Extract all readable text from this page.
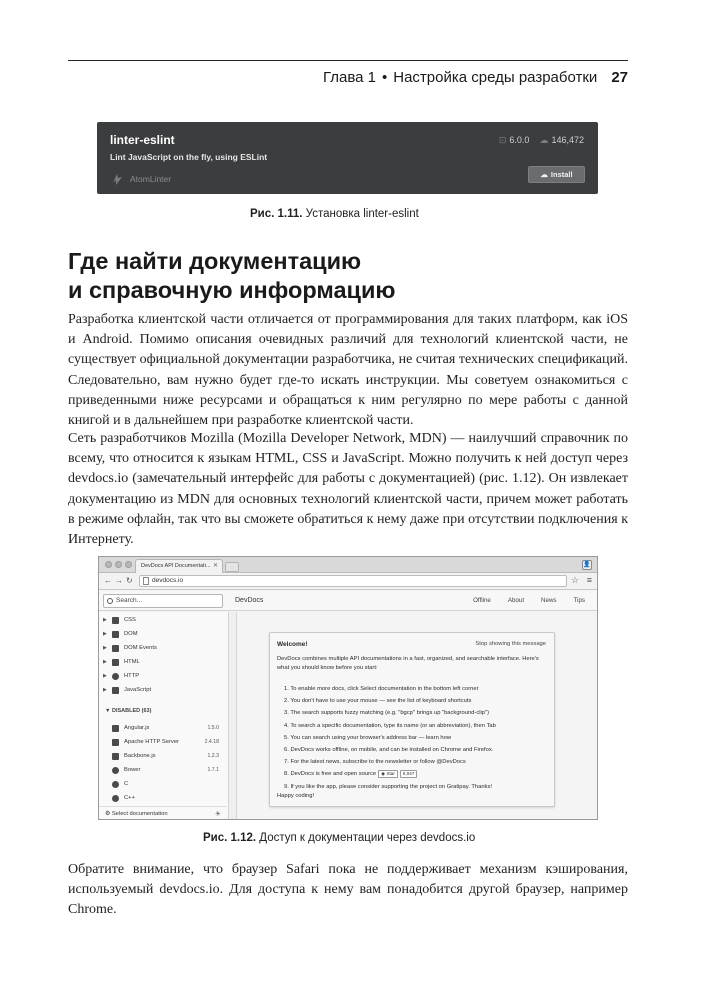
Глава 1 • Настройка среды разработки 27
linter-eslint
Lint JavaScript on the fly, using ESLint
AtomLinter
⊡ 6.0.0 ☁ 146,472
☁ Install
Рис. 1.11. Установка linter-eslint
Где найти документацию
и справочную информацию

Разработка клиентской части отличается от программирования для таких платформ, как iOS и Android. Помимо описания очевидных различий для технологий клиентской части, не существует официальной документации разработчика, не считая технических спецификаций. Следовательно, вам нужно будет где-то искать инструкции. Мы советуем ознакомиться с приведенными ниже ресурсами и обращаться к ним регулярно по мере работы с данной книгой и в дальнейшем при разработке клиентской части.

Сеть разработчиков Mozilla (Mozilla Developer Network, MDN) — наилучший справочник по всему, что относится к языкам HTML, CSS и JavaScript. Можно получить к ней доступ через devdocs.io (замечательный интерфейс для работы с документацией) (рис. 1.12). Он извлекает документацию из MDN для основных технологий клиентской части, причем может работать в режиме офлайн, так что вы сможете обратиться к нему даже при отсутствии подключения к Интернету.

DevDocs API Documentati... ✕	👤
←→↻	devdocs.io	☆ ≡
Search...	DevDocs	Offline	About	News	Tips
▶	CSS
▶	DOM
▶	DOM Events
▶	HTML
▶	HTTP
▶	JavaScript
▼ DISABLED (63)
Angular.js	1.5.0
Apache HTTP Server	2.4.18
Backbone.js	1.2.3
Bower	1.7.1
C
C++
⚙ Select documentation	☀
Welcome!	Stop showing this message
DevDocs combines multiple API documentations in a fast, organized, and searchable interface. Here's what you should know before you start:
1. To enable more docs, click Select documentation in the bottom left corner
2. You don't have to use your mouse — see the list of keyboard shortcuts
3. The search supports fuzzy matching (e.g. "bgcp" brings up "background-clip")
4. To search a specific documentation, type its name (or an abbreviation), then Tab
5. You can search using your browser's address bar — learn how
6. DevDocs works offline, on mobile, and can be installed on Chrome and Firefox.
7. For the latest news, subscribe to the newsletter or follow @DevDocs
8. DevDocs is free and open source ◉ Star 6,047
9. If you like the app, please consider supporting the project on Gratipay. Thanks!
Happy coding!
Рис. 1.12. Доступ к документации через devdocs.io

Обратите внимание, что браузер Safari пока не поддерживает механизм кэширования, используемый devdocs.io. Для доступа к нему вам понадобится другой браузер, например Chrome.
